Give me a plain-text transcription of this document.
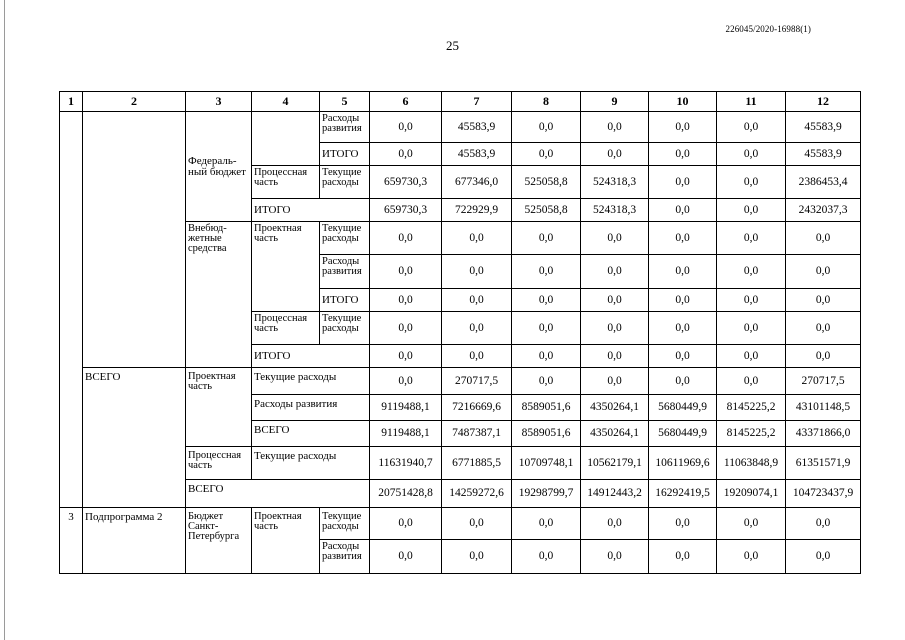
226045/2020-16988(1)
25
1	2	3	4	5	6	7	8	9	10	11	12
		Федераль-ный бюджет		Расходы развития	0,0	45583,9	0,0	0,0	0,0	0,0	45583,9
				ИТОГО	0,0	45583,9	0,0	0,0	0,0	0,0	45583,9
			Процессная часть	Текущие расходы	659730,3	677346,0	525058,8	524318,3	0,0	0,0	2386453,4
			ИТОГО		659730,3	722929,9	525058,8	524318,3	0,0	0,0	2432037,3
		Внебюд-жетные средства	Проектная часть	Текущие расходы	0,0	0,0	0,0	0,0	0,0	0,0	0,0
				Расходы развития	0,0	0,0	0,0	0,0	0,0	0,0	0,0
				ИТОГО	0,0	0,0	0,0	0,0	0,0	0,0	0,0
			Процессная часть	Текущие расходы	0,0	0,0	0,0	0,0	0,0	0,0	0,0
			ИТОГО		0,0	0,0	0,0	0,0	0,0	0,0	0,0
	ВСЕГО	Проектная часть	Текущие расходы		0,0	270717,5	0,0	0,0	0,0	0,0	270717,5
			Расходы развития		9119488,1	7216669,6	8589051,6	4350264,1	5680449,9	8145225,2	43101148,5
			ВСЕГО		9119488,1	7487387,1	8589051,6	4350264,1	5680449,9	8145225,2	43371866,0
		Процессная часть	Текущие расходы		11631940,7	6771885,5	10709748,1	10562179,1	10611969,6	11063848,9	61351571,9
		ВСЕГО			20751428,8	14259272,6	19298799,7	14912443,2	16292419,5	19209074,1	104723437,9
3	Подпрограмма 2	Бюджет Санкт-Петербурга	Проектная часть	Текущие расходы	0,0	0,0	0,0	0,0	0,0	0,0	0,0
				Расходы развития	0,0	0,0	0,0	0,0	0,0	0,0	0,0
